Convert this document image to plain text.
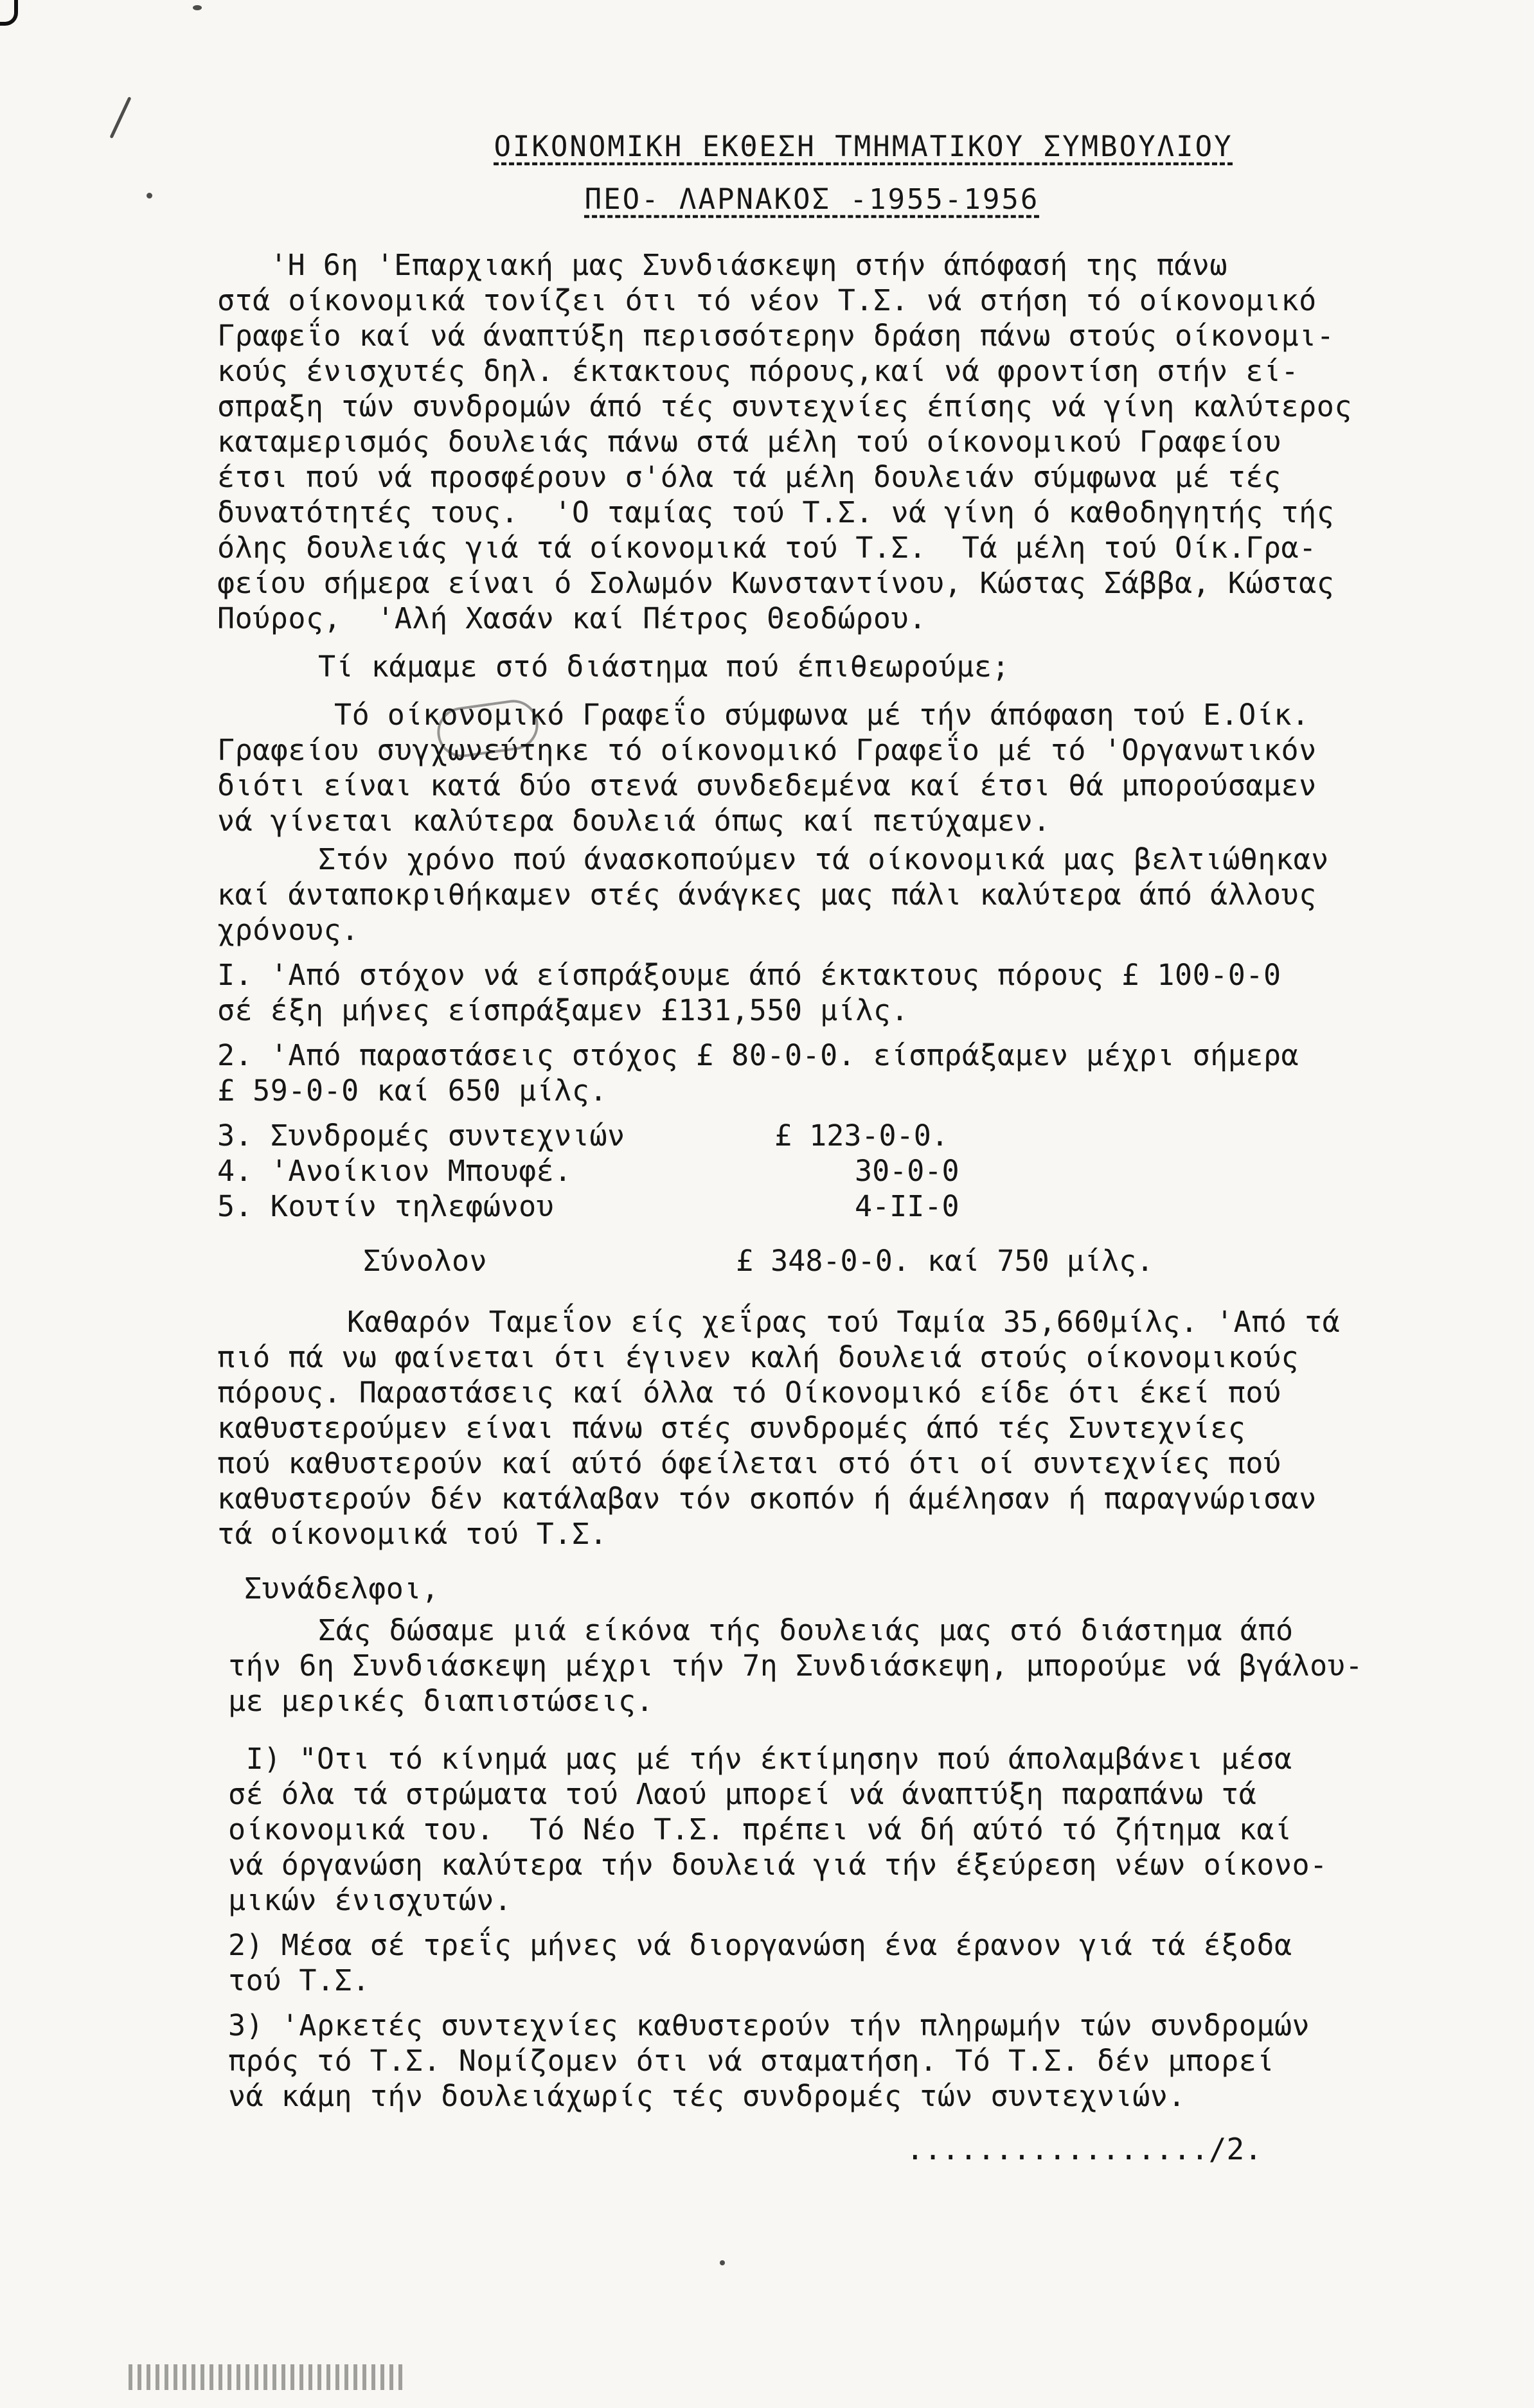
ΟΙΚΟΝΟΜΙΚΗ ΕΚΘΕΣΗ ΤΜΗΜΑΤΙΚΟΥ ΣΥΜΒΟΥΛΙΟΥ
ΠΕΟ- ΛΑΡΝΑΚΟΣ -1955-1956
'Η 6η 'Επαρχιακή μας Συνδιάσκεψη στήν άπόφασή της πάνω
στά οίκονομικά τονίζει ότι τό νέον Τ.Σ. νά στήση τό οίκονομικό
Γραφεΐο καί νά άναπτύξη περισσότερην δράση πάνω στούς οίκονομι-
κούς ένισχυτές δηλ. έκτακτους πόρους,καί νά φροντίση στήν εί-
σπραξη τών συνδρομών άπό τές συντεχνίες έπίσης νά γίνη καλύτερος
καταμερισμός δουλειάς πάνω στά μέλη τού οίκονομικού Γραφείου
έτσι πού νά προσφέρουν σ'όλα τά μέλη δουλειάν σύμφωνα μέ τές
δυνατότητές τους.  'Ο ταμίας τού Τ.Σ. νά γίνη ό καθοδηγητής τής
όλης δουλειάς γιά τά οίκονομικά τού Τ.Σ.  Τά μέλη τού Οίκ.Γρα-
φείου σήμερα είναι ό Σολωμόν Κωνσταντίνου, Κώστας Σάββα, Κώστας
Πούρος,  'Αλή Χασάν καί Πέτρος Θεοδώρου.
Τί κάμαμε στό διάστημα πού έπιθεωρούμε;
Τό οίκονομικό Γραφεΐο σύμφωνα μέ τήν άπόφαση τού Ε.Οίκ.
Γραφείου συγχωνεύτηκε τό οίκονομικό Γραφεΐο μέ τό 'Οργανωτικόν
διότι είναι κατά δύο στενά συνδεδεμένα καί έτσι θά μπορούσαμεν
νά γίνεται καλύτερα δουλειά όπως καί πετύχαμεν.
Στόν χρόνο πού άνασκοπούμεν τά οίκονομικά μας βελτιώθηκαν
καί άνταποκριθήκαμεν στές άνάγκες μας πάλι καλύτερα άπό άλλους
χρόνους.
Ι. 'Από στόχον νά είσπράξουμε άπό έκτακτους πόρους £ 100-0-0
σέ έξη μήνες είσπράξαμεν £131,550 μίλς.
2. 'Από παραστάσεις στόχος £ 80-0-0. είσπράξαμεν μέχρι σήμερα
£ 59-0-0 καί 650 μίλς.
3. Συνδρομές συντεχνιών	£ 123-0-0.
4. 'Ανοίκιον Μπουφέ.	30-0-0
5. Κουτίν τηλεφώνου	4-ΙΙ-0
Σύνολον	£ 348-0-0. καί 750 μίλς.
Καθαρόν Ταμεΐον είς χεΐρας τού Ταμία 35,660μίλς. 'Από τά
πιό πά νω φαίνεται ότι έγινεν καλή δουλειά στούς οίκονομικούς
πόρους. Παραστάσεις καί όλλα τό Οίκονομικό είδε ότι έκεί πού
καθυστερούμεν είναι πάνω στές συνδρομές άπό τές Συντεχνίες
πού καθυστερούν καί αύτό όφείλεται στό ότι οί συντεχνίες πού
καθυστερούν δέν κατάλαβαν τόν σκοπόν ή άμέλησαν ή παραγνώρισαν
τά οίκονομικά τού Τ.Σ.
Συνάδελφοι,
Σάς δώσαμε μιά είκόνα τής δουλειάς μας στό διάστημα άπό
τήν 6η Συνδιάσκεψη μέχρι τήν 7η Συνδιάσκεψη, μπορούμε νά βγάλου-
με μερικές διαπιστώσεις.
Ι) "Οτι τό κίνημά μας μέ τήν έκτίμησην πού άπολαμβάνει μέσα
σέ όλα τά στρώματα τού Λαού μπορεί νά άναπτύξη παραπάνω τά
οίκονομικά του.  Τό Νέο Τ.Σ. πρέπει νά δή αύτό τό ζήτημα καί
νά όργανώση καλύτερα τήν δουλειά γιά τήν έξεύρεση νέων οίκονο-
μικών ένισχυτών.
2) Μέσα σέ τρεΐς μήνες νά διοργανώση ένα έρανον γιά τά έξοδα
τού Τ.Σ.
3) 'Αρκετές συντεχνίες καθυστερούν τήν πληρωμήν τών συνδρομών
πρός τό Τ.Σ. Νομίζομεν ότι νά σταματήση. Τό Τ.Σ. δέν μπορεί
νά κάμη τήν δουλειάχωρίς τές συνδρομές τών συντεχνιών.
................./2.
